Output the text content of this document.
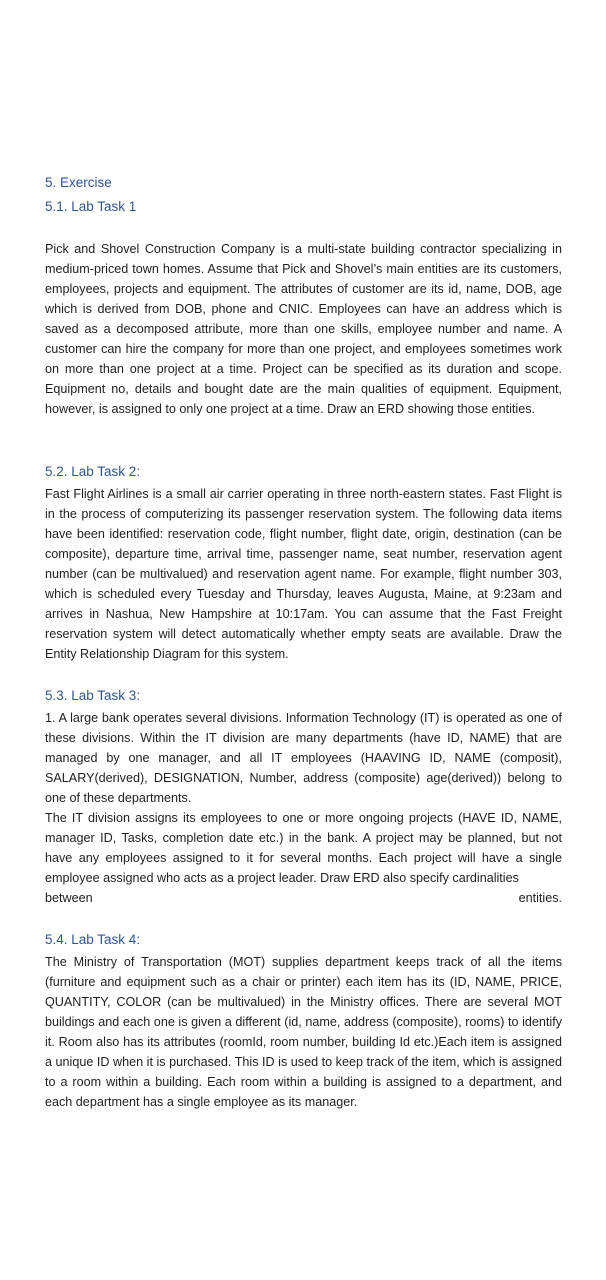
5. Exercise
5.1. Lab Task 1

Pick and Shovel Construction Company is a multi-state building contractor specializing in medium-priced town homes. Assume that Pick and Shovel’s main entities are its customers, employees, projects and equipment. The attributes of customer are its id, name, DOB, age which is derived from DOB, phone and CNIC. Employees can have an address which is saved as a decomposed attribute, more than one skills, employee number and name. A customer can hire the company for more than one project, and employees sometimes work on more than one project at a time. Project can be specified as its duration and scope. Equipment no, details and bought date are the main qualities of equipment. Equipment, however, is assigned to only one project at a time. Draw an ERD showing those entities.

5.2. Lab Task 2:

Fast Flight Airlines is a small air carrier operating in three north-eastern states. Fast Flight is in the process of computerizing its passenger reservation system. The following data items have been identified: reservation code, flight number, flight date, origin, destination (can be composite), departure time, arrival time, passenger name, seat number, reservation agent number (can be multivalued) and reservation agent name. For example, flight number 303, which is scheduled every Tuesday and Thursday, leaves Augusta, Maine, at 9:23am and arrives in Nashua, New Hampshire at 10:17am. You can assume that the Fast Freight reservation system will detect automatically whether empty seats are available. Draw the Entity Relationship Diagram for this system.

5.3. Lab Task 3:

1. A large bank operates several divisions. Information Technology (IT) is operated as one of these divisions. Within the IT division are many departments (have ID, NAME) that are managed by one manager, and all IT employees (HAAVING ID, NAME (composit), SALARY(derived), DESIGNATION, Number, address (composite) age(derived)) belong to one of these departments.

The IT division assigns its employees to one or more ongoing projects (HAVE ID, NAME, manager ID, Tasks, completion date etc.) in the bank. A project may be planned, but not have any employees assigned to it for several months. Each project will have a single employee assigned who acts as a project leader. Draw ERD also specify cardinalities

between	entities.
5.4. Lab Task 4:

The Ministry of Transportation (MOT) supplies department keeps track of all the items (furniture and equipment such as a chair or printer) each item has its (ID, NAME, PRICE, QUANTITY, COLOR (can be multivalued) in the Ministry offices. There are several MOT buildings and each one is given a different (id, name, address (composite), rooms) to identify it. Room also has its attributes (roomId, room number, building Id etc.)Each item is assigned a unique ID when it is purchased. This ID is used to keep track of the item, which is assigned to a room within a building. Each room within a building is assigned to a department, and each department has a single employee as its manager.
